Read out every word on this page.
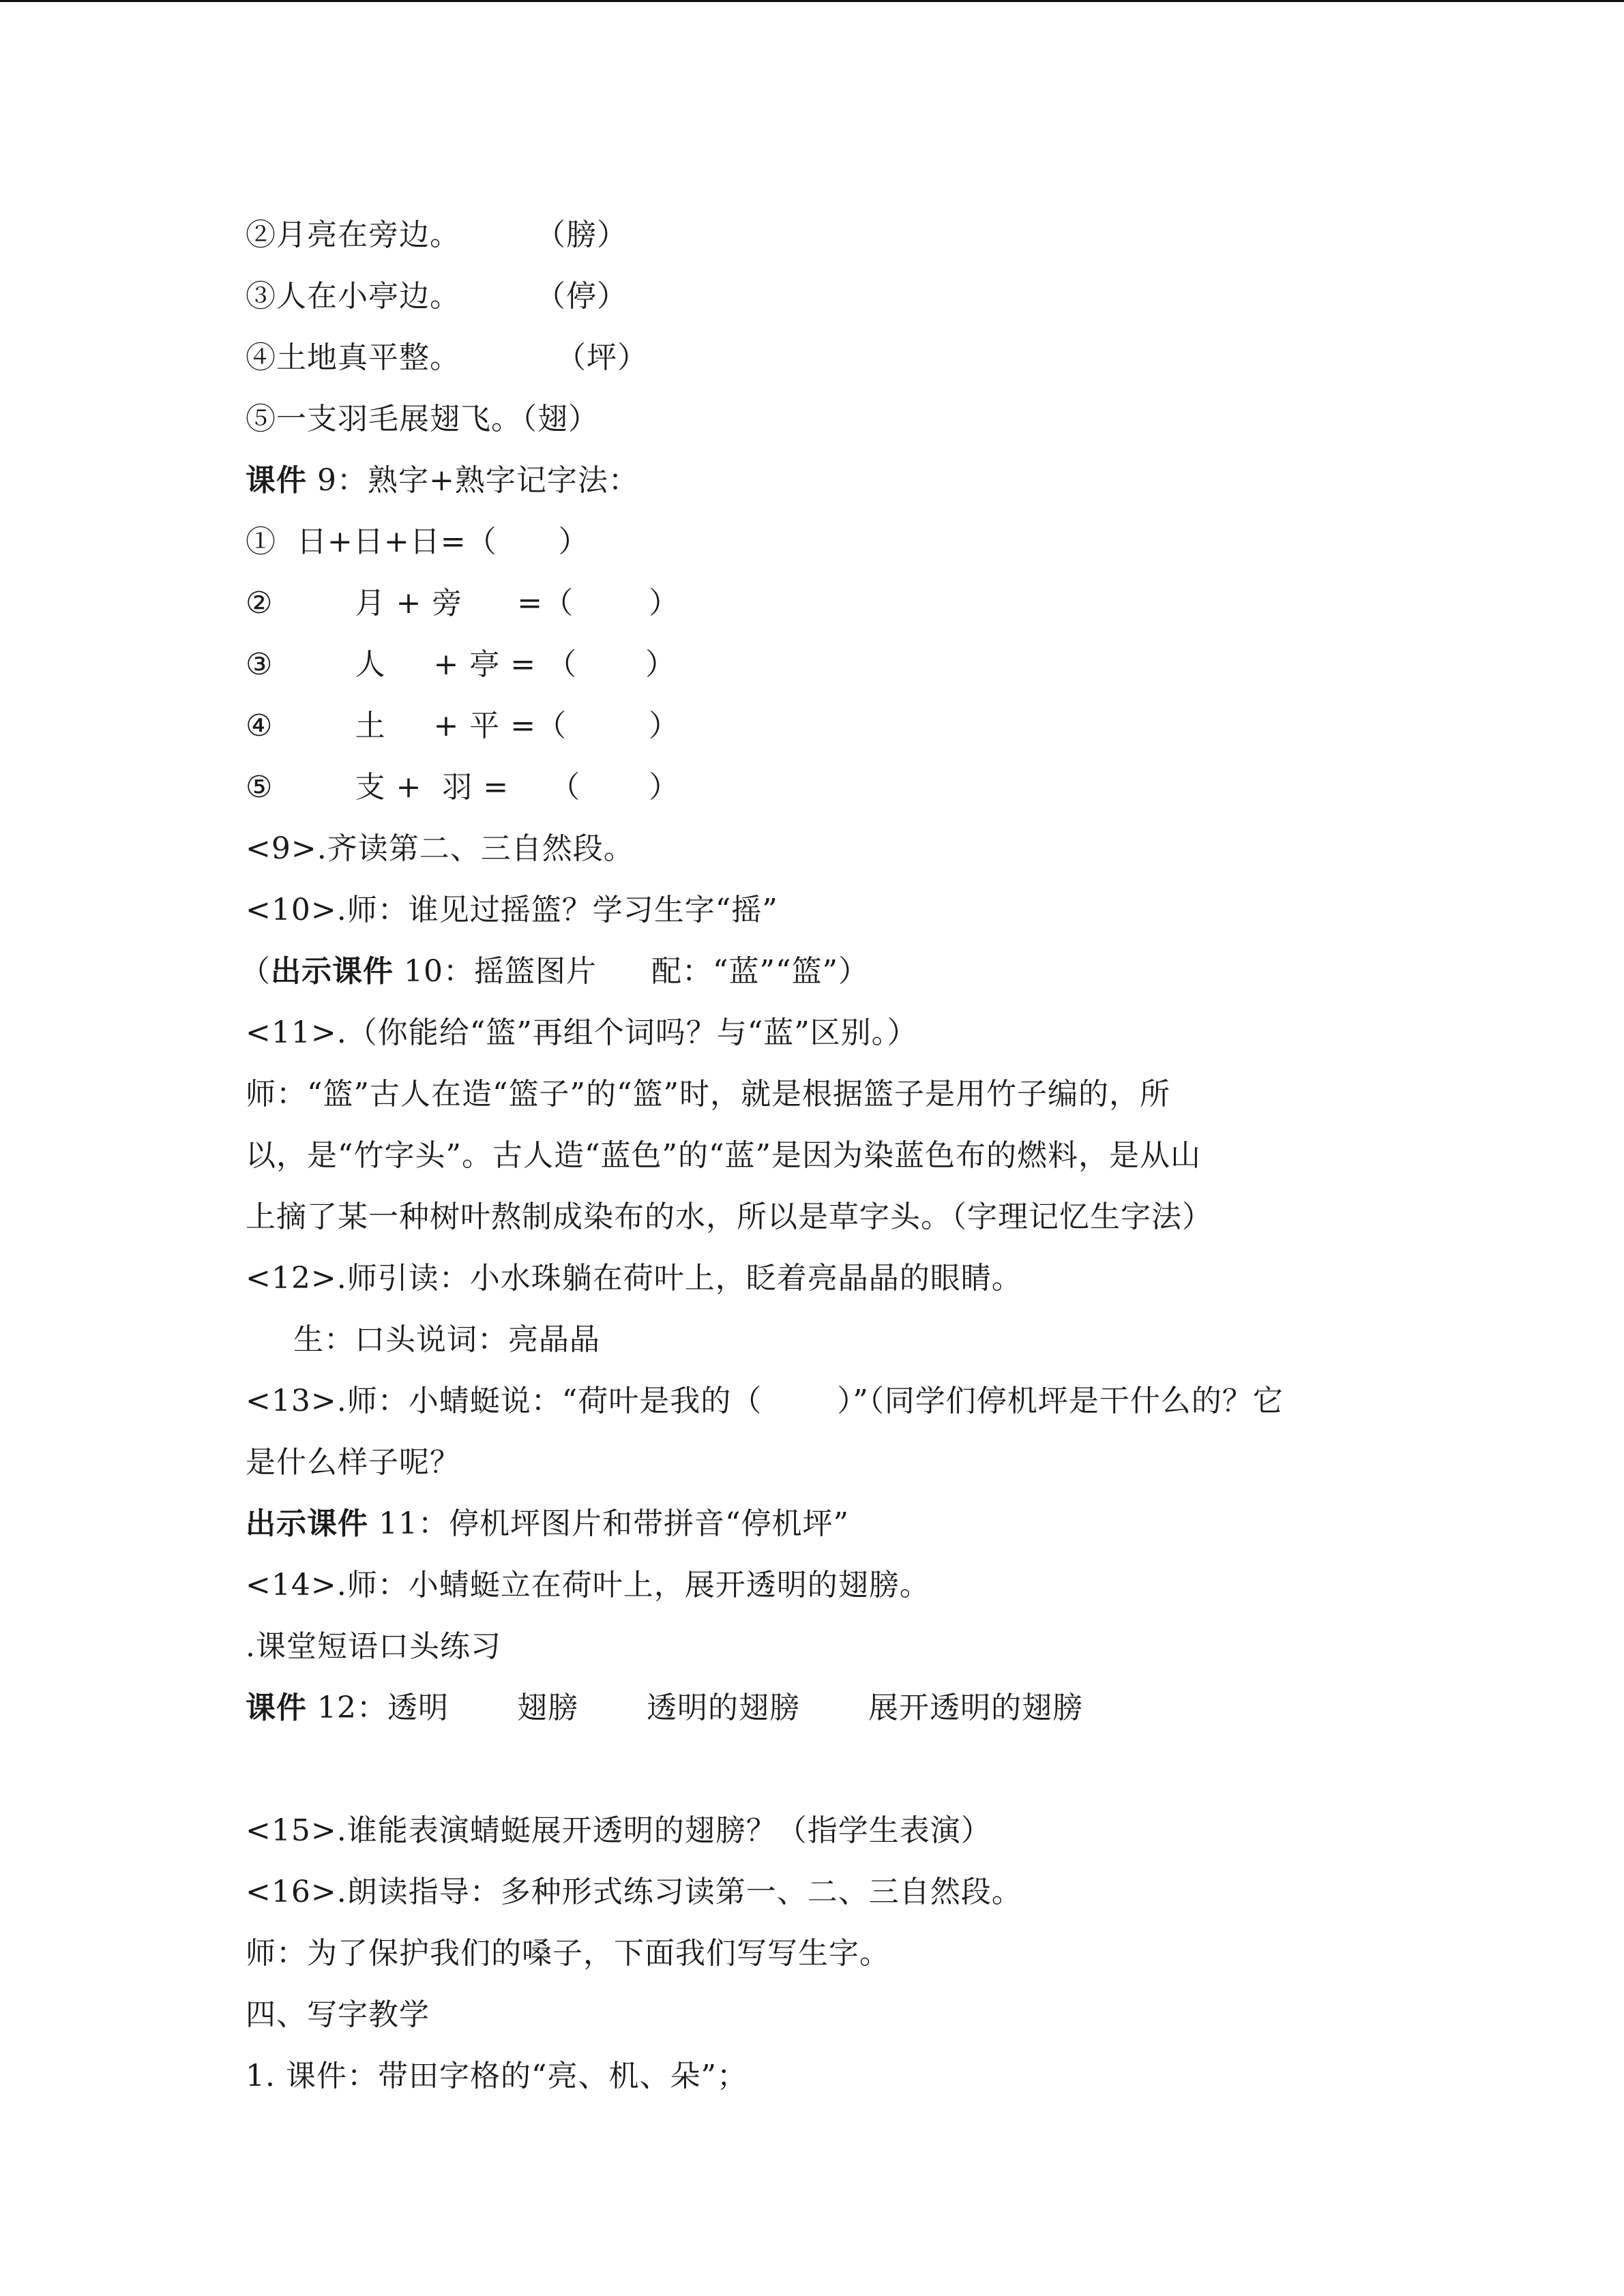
②月亮在旁边。	（膀）

③人在小亭边。	（停）

④土地真平整。	（坪）

⑤一支羽毛展翅飞。（翅）

课件 9：熟字+熟字记字法：

①  日+日+日=（ ）

②	月 + 旁 =（	）

③	人 + 亭 = （ ）

④	土 + 平 =（	）

⑤	支 +  羽 = （ ）

<9>.齐读第二、三自然段。

<10>.师：谁见过摇篮？学习生字“摇”

（出示课件 10：摇篮图片 配：“蓝”“篮”）

<11>.（你能给“篮”再组个词吗？与“蓝”区别。）

师：“篮”古人在造“篮子”的“篮”时，就是根据篮子是用竹子编的，所

以，是“竹字头”。古人造“蓝色”的“蓝”是因为染蓝色布的燃料，是从山

上摘了某一种树叶熬制成染布的水，所以是草字头。（字理记忆生字法）

<12>.师引读：小水珠躺在荷叶上，眨着亮晶晶的眼睛。

生：口头说词：亮晶晶

<13>.师：小蜻蜓说：“荷叶是我的（	）”（同学们停机坪是干什么的？它

是什么样子呢？

出示课件 11：停机坪图片和带拼音“停机坪”

<14>.师：小蜻蜓立在荷叶上，展开透明的翅膀。

.课堂短语口头练习

课件 12：透明 翅膀 透明的翅膀 展开透明的翅膀

<15>.谁能表演蜻蜓展开透明的翅膀？（指学生表演）

<16>.朗读指导：多种形式练习读第一、二、三自然段。

师：为了保护我们的嗓子，下面我们写写生字。

四、写字教学

1. 课件：带田字格的“亮、机、朵”；
